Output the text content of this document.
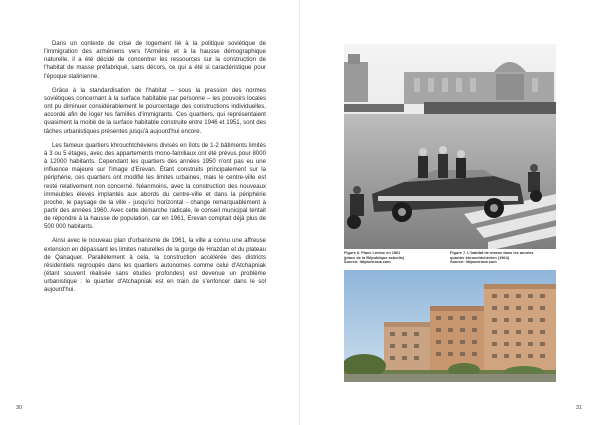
Dans un contexte de crise de logement lié à la politique soviétique de l'immigration des arméniens vers l'Arménie et à la hausse démographique naturelle, il a été décidé de concentrer les ressources sur la construction de l'habitat de masse préfabriqué, sans décors, ce qui a été si caractéristique pour l'époque stalinienne.

Grâce à la standardisation de l'habitat – sous la pression des normes soviétiques concernant à la surface habitable par personne – les pouvoirs locales ont pu diminuer considérablement le pourcentage des constructions individuelles, accordé afin de loger les familles d'immigrants. Ces quartiers, qui représentaient quasiment la moitié de la surface habitable construite entre 1946 et 1951, sont des tâches urbanistiques présentes jusqu'à aujourd'hui encore.

Les fameux quartiers khrouchtchéviens divisés en îlots de 1-2 bâtiments limités à 3 ou 5 étages, avec des appartements mono-familiaux ont été prévus pour 8000 à 12000 habitants. Cependant les quartiers des années 1950 n'ont pas eu une influence majeure sur l'image d'Erevan. Étant construits principalement sur la périphérie, ces quartiers ont modifié les limites urbaines, mais le centre-ville est resté relativement non concerné. Néanmoins, avec la construction des nouveaux immeubles élevés implantés aux abords du centre-ville et dans la périphérie proche, le paysage de la ville - jusqu'ici horizontal - change remarquablement à partir des années 1960. Avec cette démarche radicale, le conseil municipal tentait de répondre à la hausse de population, car en 1961, Erevan comptait déjà plus de 500 000 habitants.

Ainsi avec le nouveau plan d'urbanisme de 1961, la ville a connu une affreuse extension en dépassant les limites naturelles de la gorge de Hrazdan et du plateau de Qanaquer. Parallèlement à cela, la construction accélérée des districts résidentiels regroupés dans les quartiers autonomes comme celui d'Atchapniak (étant souvent réalisée sans études profondes) est devenue un problème urbanistique : le quartier d'Atchapniak est en train de s'enfoncer dans le sol aujourd'hui.

30
Figure 6. Place Lénine en 1961
(place de la République actuelle)
Source: httpsmenua.com
Figure 7. L'habitat de masse dans les années
quartier khrouchtchévien (1964)
Source: httpsmenua.com
31
